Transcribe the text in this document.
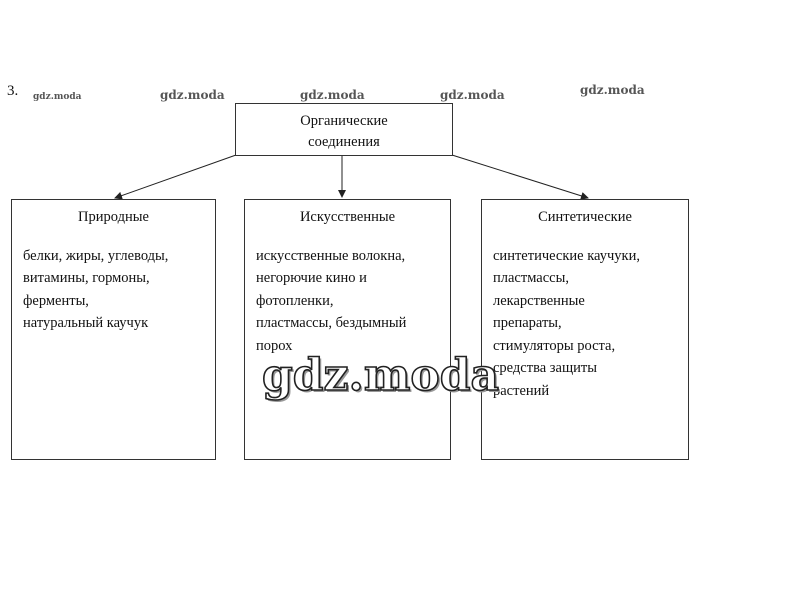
3. gdz.moda	gdz.moda	gdz.moda	gdz.moda	gdz.moda
Органические
соединения
Природные
белки, жиры, углеводы,
витамины, гормоны,
ферменты,
натуральный каучук
Искусственные
искусственные волокна,
негорючие кино и
фотопленки,
пластмассы, бездымный
порох
Синтетические
синтетические каучуки,
пластмассы,
лекарственные
препараты,
стимуляторы роста,
средства защиты
растений
gdz.moda
